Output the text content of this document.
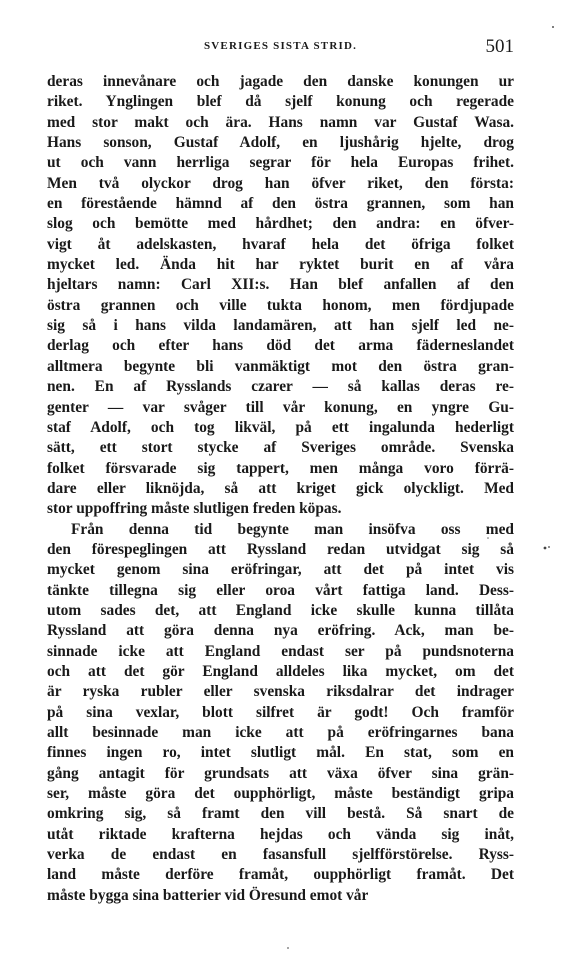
SVERIGES SISTA STRID.	501
deras innevånare och jagade den danske konungen ur
riket. Ynglingen blef då sjelf konung och regerade
med stor makt och ära. Hans namn var Gustaf Wasa.
Hans sonson, Gustaf Adolf, en ljushårig hjelte, drog
ut och vann herrliga segrar för hela Europas frihet.
Men två olyckor drog han öfver riket, den första:
en förestående hämnd af den östra grannen, som han
slog och bemötte med hårdhet; den andra: en öfver-
vigt åt adelskasten, hvaraf hela det öfriga folket
mycket led. Ända hit har ryktet burit en af våra
hjeltars namn: Carl XII:s. Han blef anfallen af den
östra grannen och ville tukta honom, men fördjupade
sig så i hans vilda landamären, att han sjelf led ne-
derlag och efter hans död det arma fäderneslandet
alltmera begynte bli vanmäktigt mot den östra gran-
nen. En af Rysslands czarer — så kallas deras re-
genter — var svåger till vår konung, en yngre Gu-
staf Adolf, och tog likväl, på ett ingalunda hederligt
sätt, ett stort stycke af Sveriges område. Svenska
folket försvarade sig tappert, men många voro förrä-
dare eller liknöjda, så att kriget gick olyckligt. Med
stor uppoffring måste slutligen freden köpas.
Från denna tid begynte man insöfva oss med
den förespeglingen att Ryssland redan utvidgat sig så
mycket genom sina eröfringar, att det på intet vis
tänkte tillegna sig eller oroa vårt fattiga land. Dess-
utom sades det, att England icke skulle kunna tillåta
Ryssland att göra denna nya eröfring. Ack, man be-
sinnade icke att England endast ser på pundsnoterna
och att det gör England alldeles lika mycket, om det
är ryska rubler eller svenska riksdalrar det indrager
på sina vexlar, blott silfret är godt! Och framför
allt besinnade man icke att på eröfringarnes bana
finnes ingen ro, intet slutligt mål. En stat, som en
gång antagit för grundsats att växa öfver sina grän-
ser, måste göra det oupphörligt, måste beständigt gripa
omkring sig, så framt den vill bestå. Så snart de
utåt riktade krafterna hejdas och vända sig inåt,
verka de endast en fasansfull sjelfförstörelse. Ryss-
land måste derföre framåt, oupphörligt framåt. Det
måste bygga sina batterier vid Öresund emot vår
